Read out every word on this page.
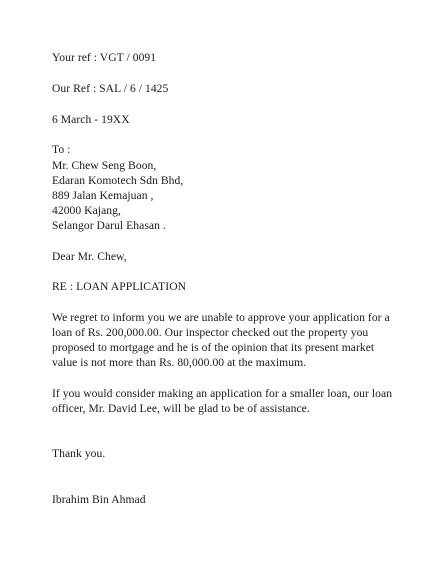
Your ref : VGT / 0091
Our Ref : SAL / 6 / 1425
6 March - 19XX
To :
Mr. Chew Seng Boon,
Edaran Komotech Sdn Bhd,
889 Jalan Kemajuan ,
42000 Kajang,
Selangor Darul Ehasan .
Dear Mr. Chew,
RE : LOAN APPLICATION
We regret to inform you we are unable to approve your application for a
loan of Rs. 200,000.00. Our inspector checked out the property you
proposed to mortgage and he is of the opinion that its present market
value is not more than Rs. 80,000.00 at the maximum.
If you would consider making an application for a smaller loan, our loan
officer, Mr. David Lee, will be glad to be of assistance.
Thank you.
Ibrahim Bin Ahmad
